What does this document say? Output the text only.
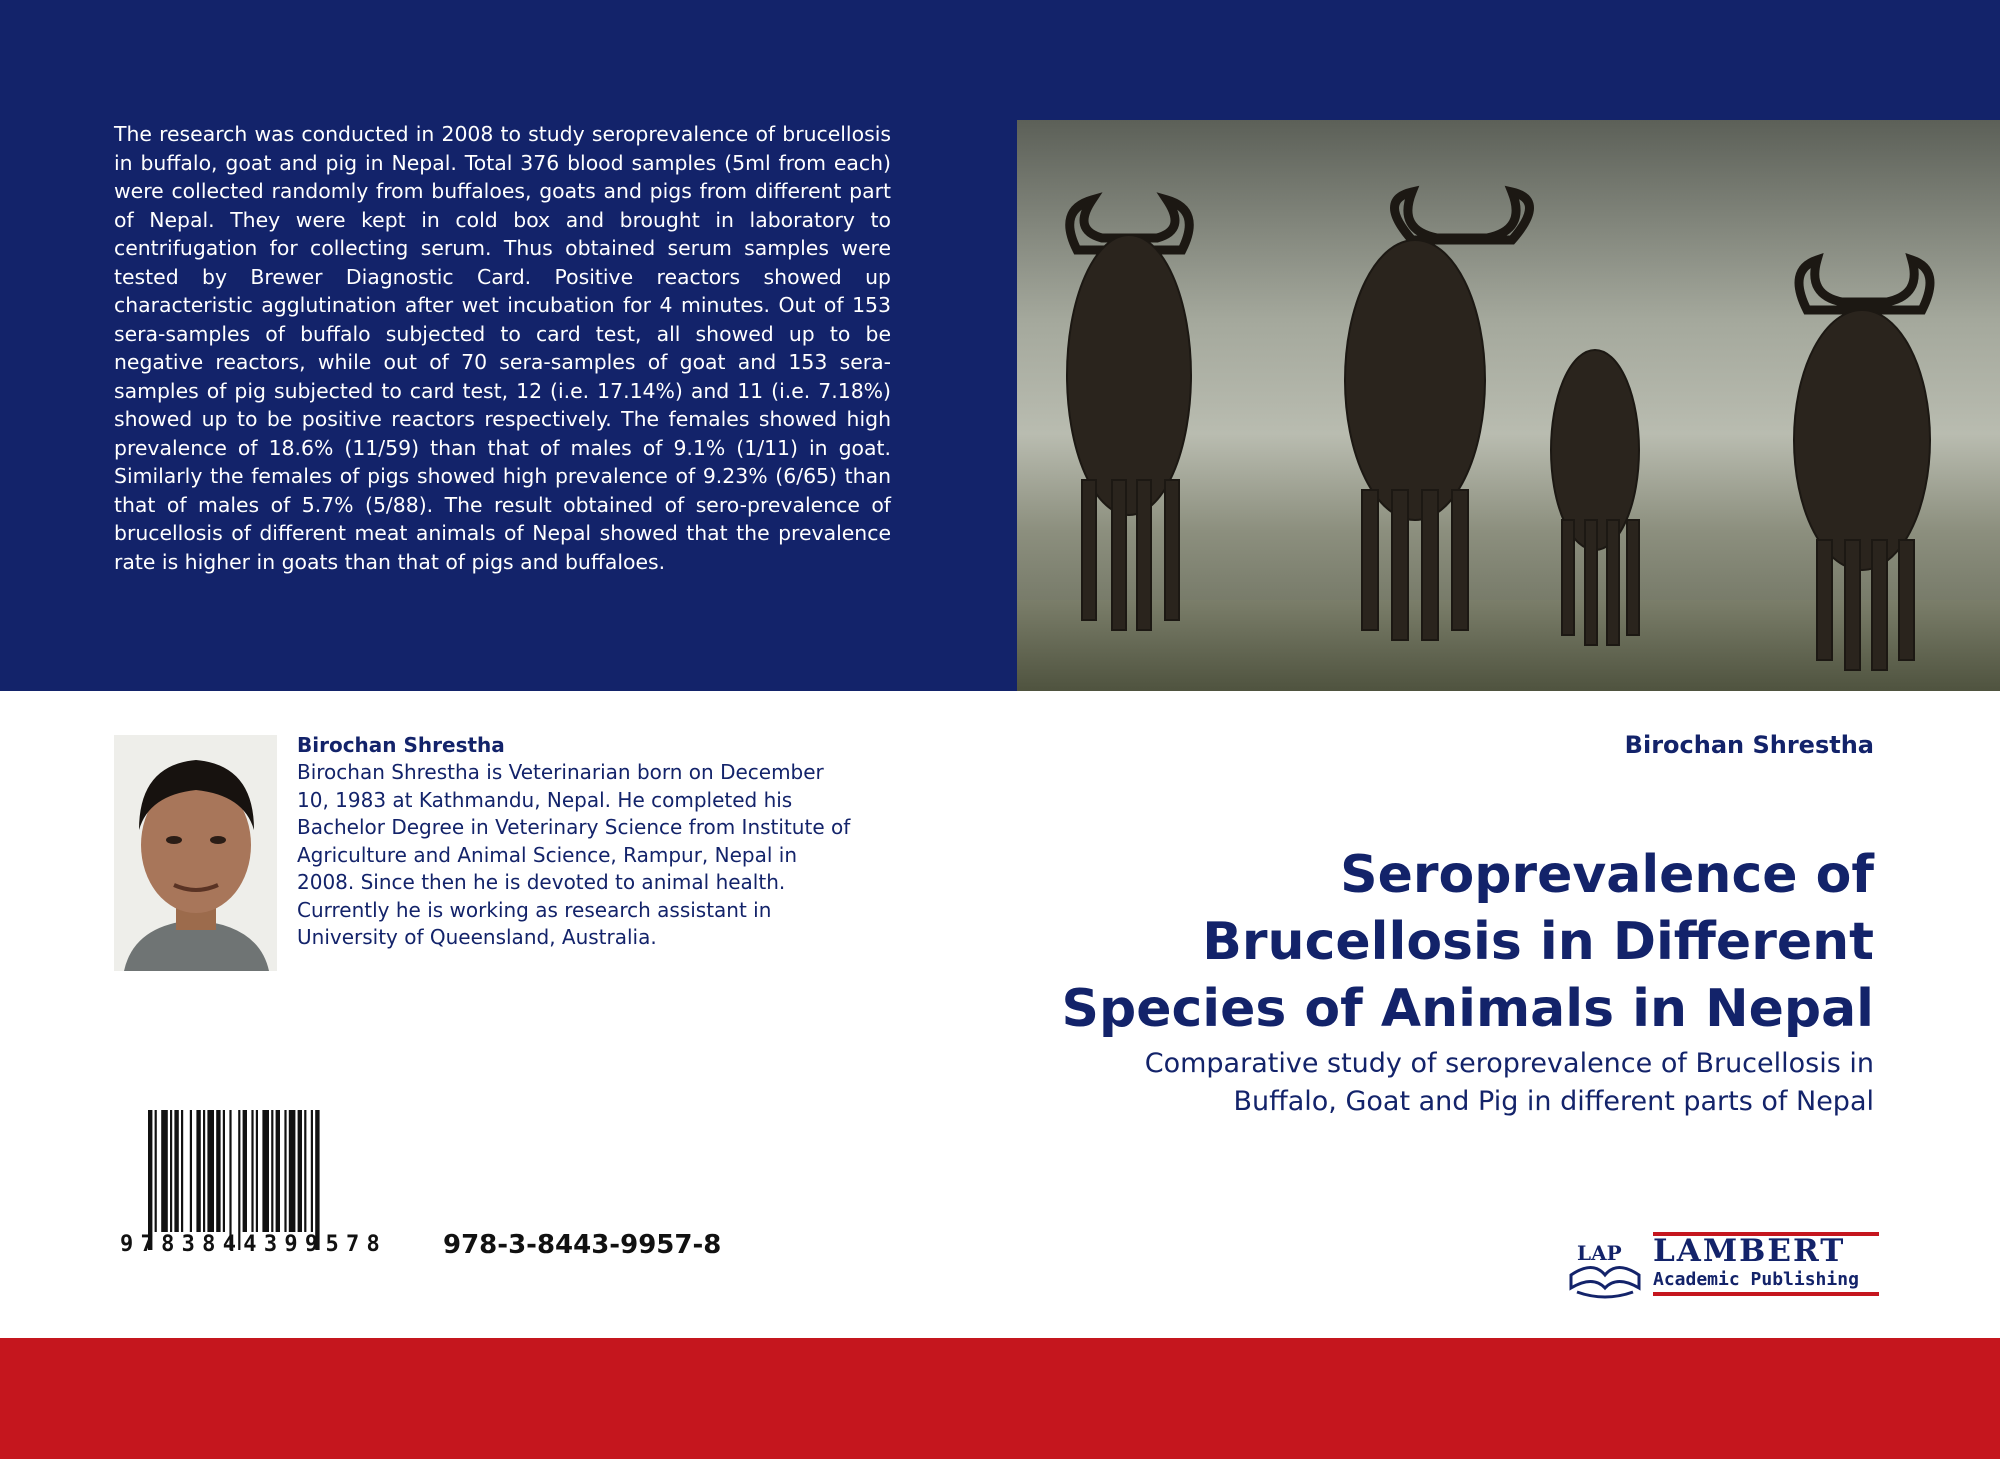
The research was conducted in 2008 to study seroprevalence of brucellosis in buffalo, goat and pig in Nepal. Total 376 blood samples (5ml from each) were collected randomly from buffaloes, goats and pigs from different part of Nepal. They were kept in cold box and brought in laboratory to centrifugation for collecting serum. Thus obtained serum samples were tested by Brewer Diagnostic Card. Positive reactors showed up characteristic agglutination after wet incubation for 4 minutes. Out of 153 sera-samples of buffalo subjected to card test, all showed up to be negative reactors, while out of 70 sera-samples of goat and 153 sera-samples of pig subjected to card test, 12 (i.e. 17.14%) and 11 (i.e. 7.18%) showed up to be positive reactors respectively. The females showed high prevalence of 18.6% (11/59) than that of males of 9.1% (1/11) in goat. Similarly the females of pigs showed high prevalence of 9.23% (6/65) than that of males of 5.7% (5/88). The result obtained of sero-prevalence of brucellosis of different meat animals of Nepal showed that the prevalence rate is higher in goats than that of pigs and buffaloes.

Birochan Shrestha

Birochan Shrestha is Veterinarian born on December 10, 1983 at Kathmandu, Nepal. He completed his Bachelor Degree in Veterinary Science from Institute of Agriculture and Animal Science, Rampur, Nepal in 2008. Since then he is devoted to animal health. Currently he is working as research assistant in University of Queensland, Australia.

Birochan Shrestha

Seroprevalence of Brucellosis in Different Species of Animals in Nepal

Comparative study of seroprevalence of Brucellosis in Buffalo, Goat and Pig in different parts of Nepal

9783844399578	978-3-8443-9957-8	LAP LAMBERT

Academic Publishing
